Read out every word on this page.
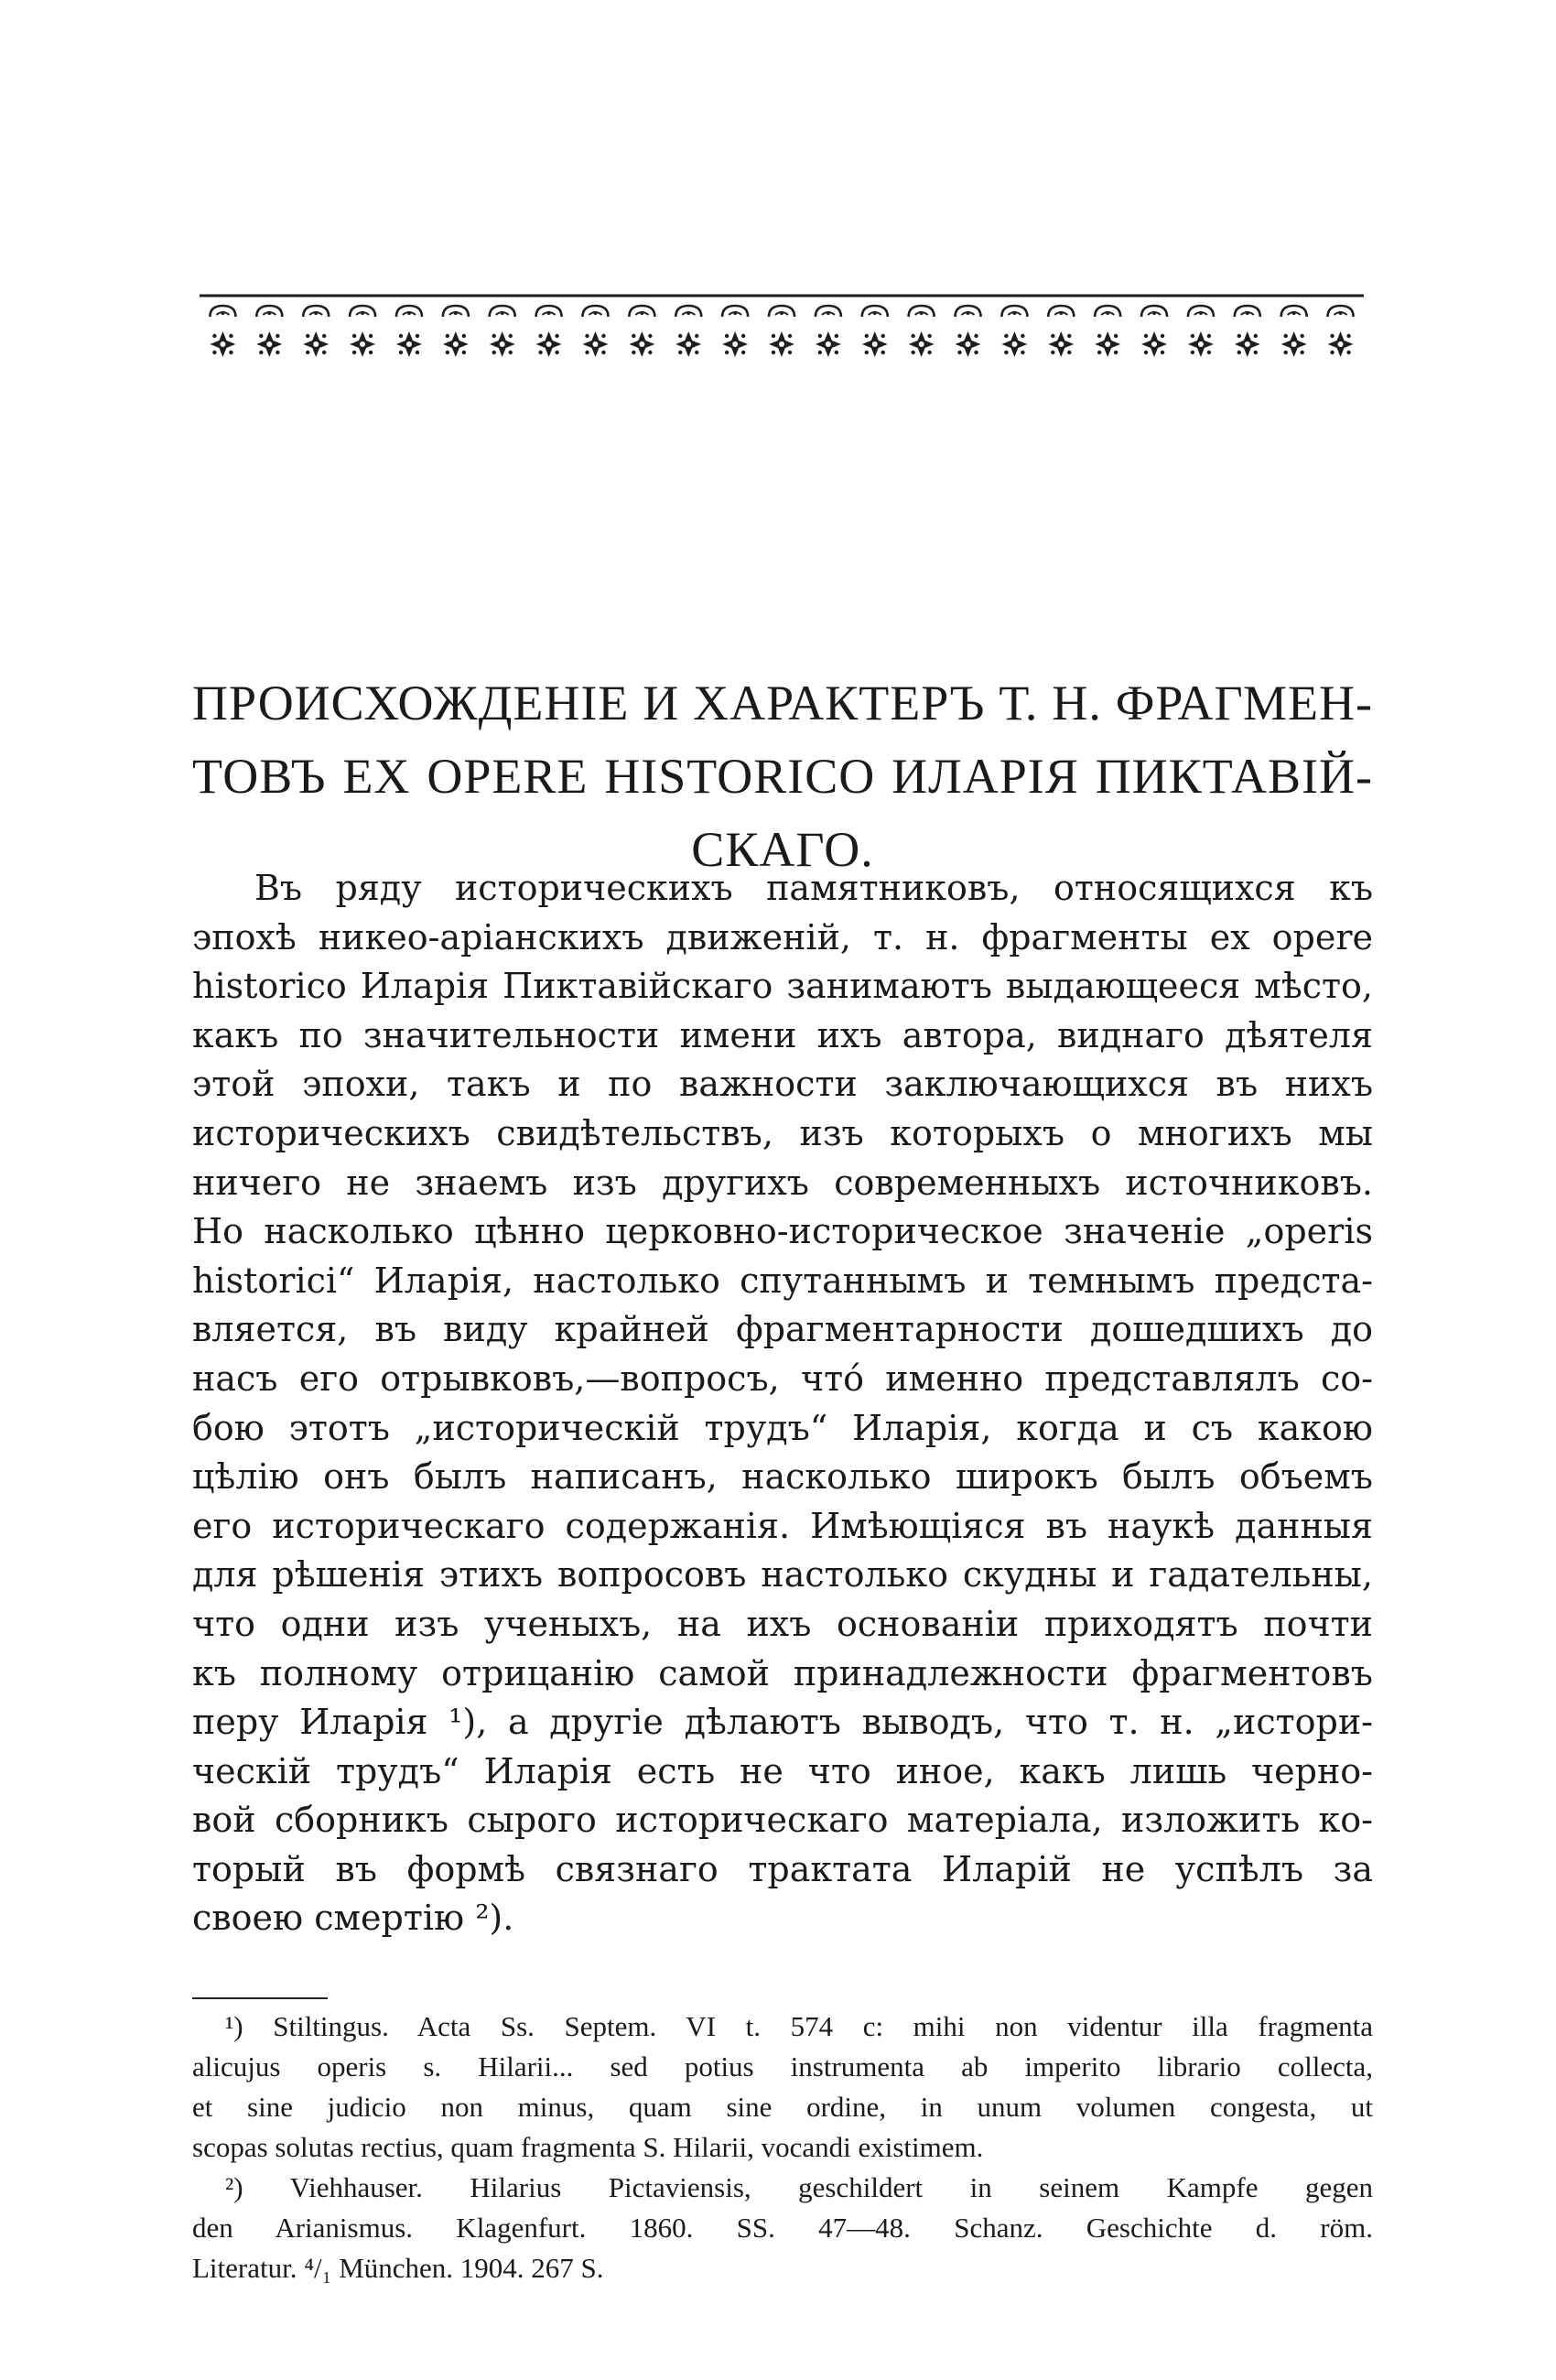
ПРОИСХОЖДЕНІЕ И ХАРАКТЕРЪ Т. Н. ФРАГМЕН-
ТОВЪ EX OPERE HISTORICO ИЛАРІЯ ПИКТАВІЙ-
СКАГО.
Въ ряду историческихъ памятниковъ, относящихся къ
эпохѣ никео-аріанскихъ движеній, т. н. фрагменты ex opere
historico Иларія Пиктавійскаго занимаютъ выдающееся мѣсто,
какъ по значительности имени ихъ автора, виднаго дѣятеля
этой эпохи, такъ и по важности заключающихся въ нихъ
историческихъ свидѣтельствъ, изъ которыхъ о многихъ мы
ничего не знаемъ изъ другихъ современныхъ источниковъ.
Но насколько цѣнно церковно-историческое значеніе „operis
historici“ Иларія, настолько спутаннымъ и темнымъ предста-
вляется, въ виду крайней фрагментарности дошедшихъ до
насъ его отрывковъ,—вопросъ, что́ именно представлялъ со-
бою этотъ „историческій трудъ“ Иларія, когда и съ какою
цѣлію онъ былъ написанъ, насколько широкъ былъ объемъ
его историческаго содержанія. Имѣющіяся въ наукѣ данныя
для рѣшенія этихъ вопросовъ настолько скудны и гадательны,
что одни изъ ученыхъ, на ихъ основаніи приходятъ почти
къ полному отрицанію самой принадлежности фрагментовъ
перу Иларія ¹), а другіе дѣлаютъ выводъ, что т. н. „истори-
ческій трудъ“ Иларія есть не что иное, какъ лишь черно-
вой сборникъ сырого историческаго матеріала, изложить ко-
торый въ формѣ связнаго трактата Иларій не успѣлъ за
своею смертію ²).
¹) Stiltingus. Acta Ss. Septem. VI t. 574 c: mihi non videntur illa fragmenta
alicujus operis s. Hilarii... sed potius instrumenta ab imperito librario collecta,
et sine judicio non minus, quam sine ordine, in unum volumen congesta, ut
scopas solutas rectius, quam fragmenta S. Hilarii, vocandi existimem.
²) Viehhauser. Hilarius Pictaviensis, geschildert in seinem Kampfe gegen
den Arianismus. Klagenfurt. 1860. SS. 47—48. Schanz. Geschichte d. röm.
Literatur. ⁴/₁ München. 1904. 267 S.
